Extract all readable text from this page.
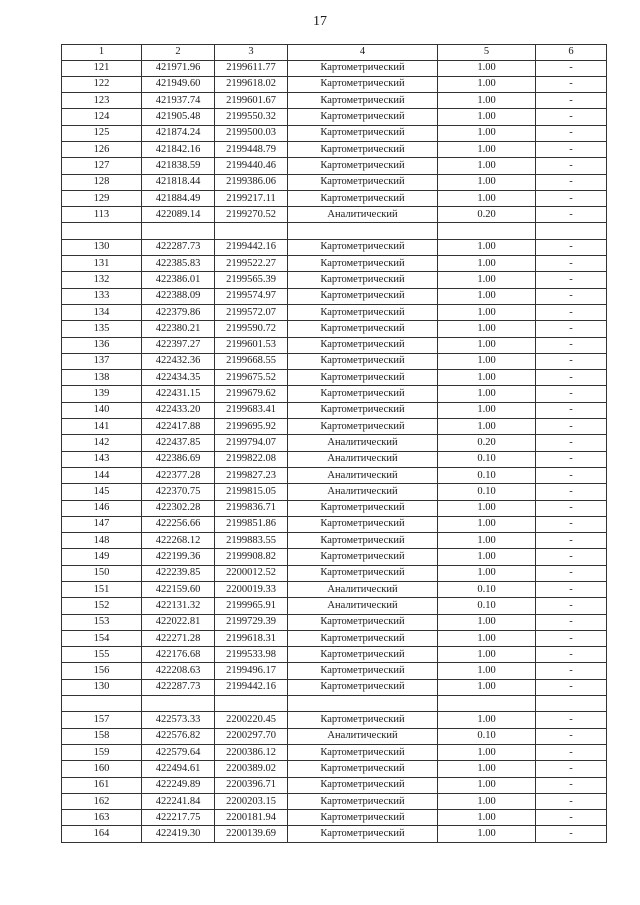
17
1	2	3	4	5	6
121	421971.96	2199611.77	Картометрический	1.00	-
122	421949.60	2199618.02	Картометрический	1.00	-
123	421937.74	2199601.67	Картометрический	1.00	-
124	421905.48	2199550.32	Картометрический	1.00	-
125	421874.24	2199500.03	Картометрический	1.00	-
126	421842.16	2199448.79	Картометрический	1.00	-
127	421838.59	2199440.46	Картометрический	1.00	-
128	421818.44	2199386.06	Картометрический	1.00	-
129	421884.49	2199217.11	Картометрический	1.00	-
113	422089.14	2199270.52	Аналитический	0.20	-

130	422287.73	2199442.16	Картометрический	1.00	-
131	422385.83	2199522.27	Картометрический	1.00	-
132	422386.01	2199565.39	Картометрический	1.00	-
133	422388.09	2199574.97	Картометрический	1.00	-
134	422379.86	2199572.07	Картометрический	1.00	-
135	422380.21	2199590.72	Картометрический	1.00	-
136	422397.27	2199601.53	Картометрический	1.00	-
137	422432.36	2199668.55	Картометрический	1.00	-
138	422434.35	2199675.52	Картометрический	1.00	-
139	422431.15	2199679.62	Картометрический	1.00	-
140	422433.20	2199683.41	Картометрический	1.00	-
141	422417.88	2199695.92	Картометрический	1.00	-
142	422437.85	2199794.07	Аналитический	0.20	-
143	422386.69	2199822.08	Аналитический	0.10	-
144	422377.28	2199827.23	Аналитический	0.10	-
145	422370.75	2199815.05	Аналитический	0.10	-
146	422302.28	2199836.71	Картометрический	1.00	-
147	422256.66	2199851.86	Картометрический	1.00	-
148	422268.12	2199883.55	Картометрический	1.00	-
149	422199.36	2199908.82	Картометрический	1.00	-
150	422239.85	2200012.52	Картометрический	1.00	-
151	422159.60	2200019.33	Аналитический	0.10	-
152	422131.32	2199965.91	Аналитический	0.10	-
153	422022.81	2199729.39	Картометрический	1.00	-
154	422271.28	2199618.31	Картометрический	1.00	-
155	422176.68	2199533.98	Картометрический	1.00	-
156	422208.63	2199496.17	Картометрический	1.00	-
130	422287.73	2199442.16	Картометрический	1.00	-

157	422573.33	2200220.45	Картометрический	1.00	-
158	422576.82	2200297.70	Аналитический	0.10	-
159	422579.64	2200386.12	Картометрический	1.00	-
160	422494.61	2200389.02	Картометрический	1.00	-
161	422249.89	2200396.71	Картометрический	1.00	-
162	422241.84	2200203.15	Картометрический	1.00	-
163	422217.75	2200181.94	Картометрический	1.00	-
164	422419.30	2200139.69	Картометрический	1.00	-
